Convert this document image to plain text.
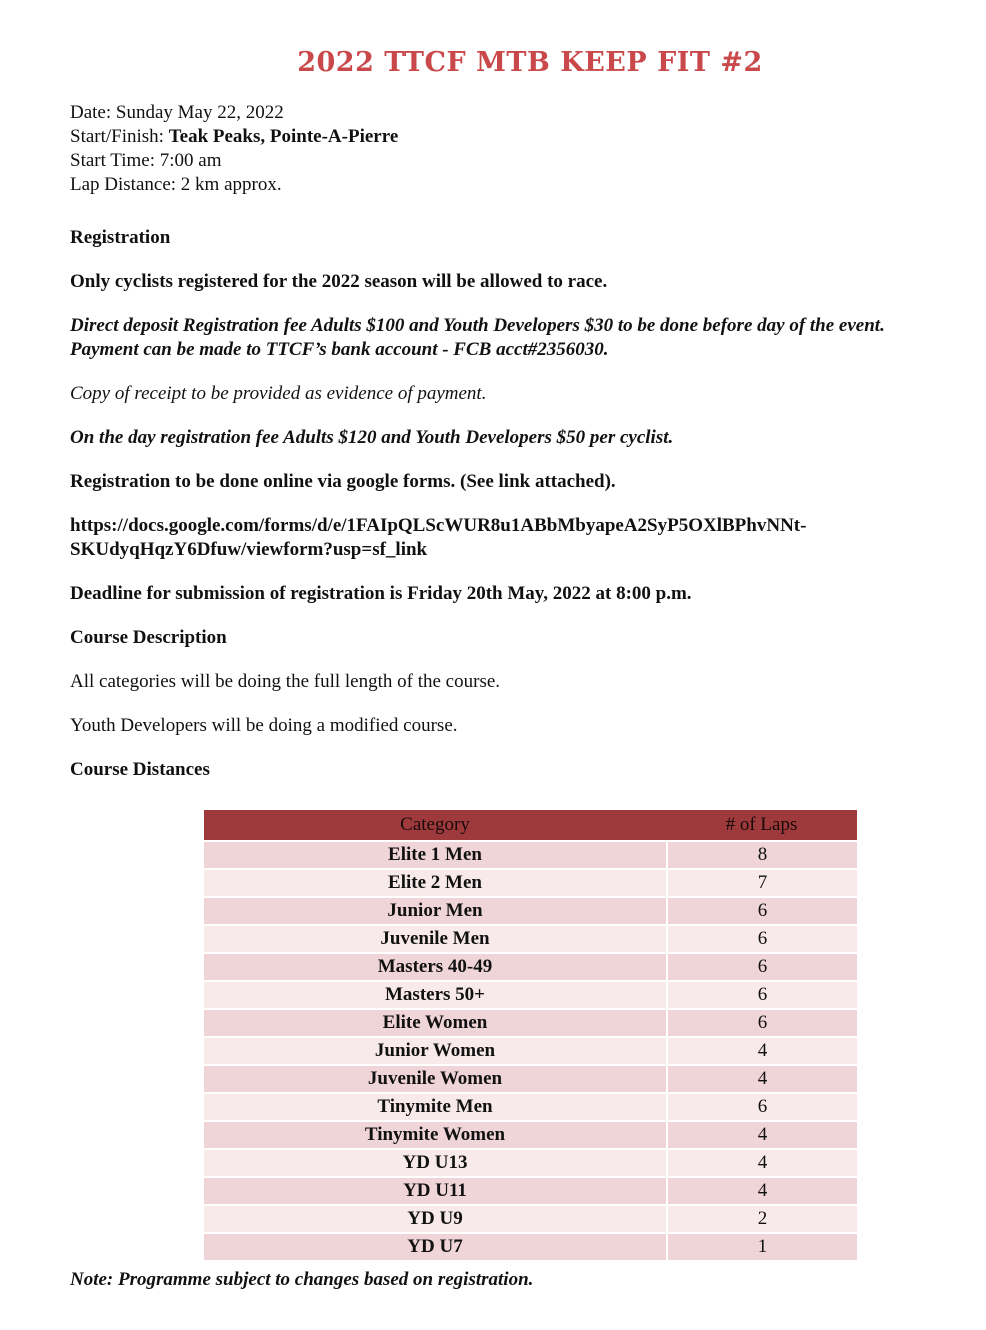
2022 TTCF MTB KEEP FIT #2

Date: Sunday May 22, 2022

Start/Finish: Teak Peaks, Pointe-A-Pierre

Start Time: 7:00 am

Lap Distance: 2 km approx.

Registration

Only cyclists registered for the 2022 season will be allowed to race.

Direct deposit Registration fee Adults $100 and Youth Developers $30 to be done before day of the event. Payment can be made to TTCF’s bank account - FCB acct#2356030.

Copy of receipt to be provided as evidence of payment.

On the day registration fee Adults $120 and Youth Developers $50 per cyclist.

Registration to be done online via google forms. (See link attached).

https://docs.google.com/forms/d/e/1FAIpQLScWUR8u1ABbMbyapeA2SyP5OXlBPhvNNt-
SKUdyqHqzY6Dfuw/viewform?usp=sf_link

Deadline for submission of registration is Friday 20th May, 2022 at 8:00 p.m.

Course Description

All categories will be doing the full length of the course.

Youth Developers will be doing a modified course.

Course Distances

Category	# of Laps
Elite 1 Men	8
Elite 2 Men	7
Junior Men	6
Juvenile Men	6
Masters 40-49	6
Masters 50+	6
Elite Women	6
Junior Women	4
Juvenile Women	4
Tinymite Men	6
Tinymite Women	4
YD U13	4
YD U11	4
YD U9	2
YD U7	1
Note: Programme subject to changes based on registration.
